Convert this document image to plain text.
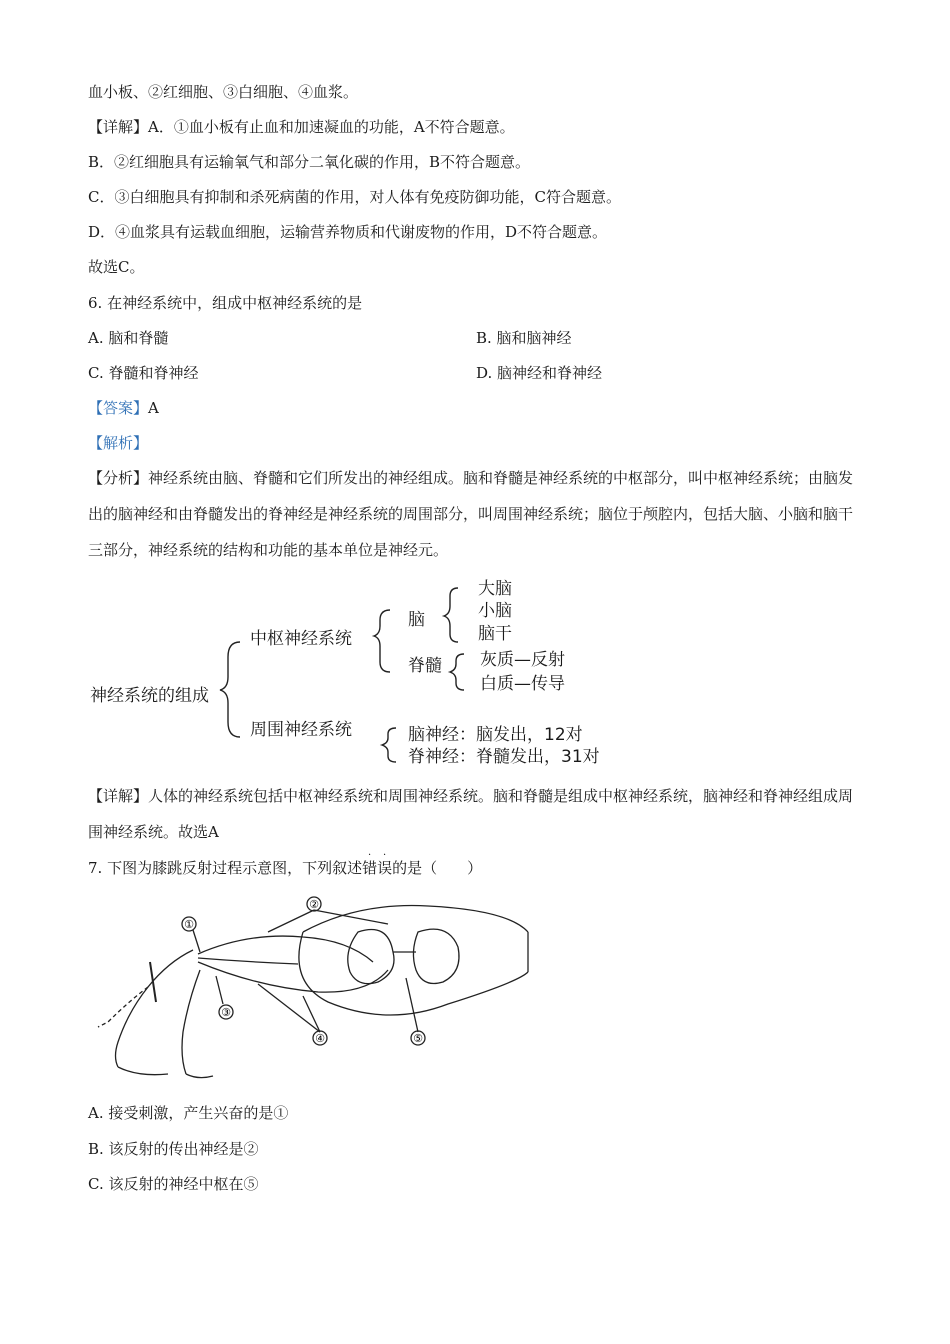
血小板、②红细胞、③白细胞、④血浆。
【详解】A．①血小板有止血和加速凝血的功能，A不符合题意。
B．②红细胞具有运输氧气和部分二氧化碳的作用，B不符合题意。
C．③白细胞具有抑制和杀死病菌的作用，对人体有免疫防御功能，C符合题意。
D．④血浆具有运载血细胞，运输营养物质和代谢废物的作用，D不符合题意。
故选C。
6. 在神经系统中，组成中枢神经系统的是
A. 脑和脊髓	B. 脑和脑神经
C. 脊髓和脊神经	D. 脑神经和脊神经
【答案】A
【解析】
【分析】神经系统由脑、脊髓和它们所发出的神经组成。脑和脊髓是神经系统的中枢部分，叫中枢神经系统；由脑发出的脑神经和由脊髓发出的脊神经是神经系统的周围部分，叫周围神经系统；脑位于颅腔内，包括大脑、小脑和脑干三部分，神经系统的结构和功能的基本单位是神经元。
神经系统的组成
中枢神经系统
周围神经系统
脑
大脑
小脑
脑干
脊髓 灰质—反射
白质—传导
脑神经：脑发出，12对
脊神经：脊髓发出，31对
【详解】人体的神经系统包括中枢神经系统和周围神经系统。脑和脊髓是组成中枢神经系统，脑神经和脊神经组成周围神经系统。故选A
7. 下图为膝跳反射过程示意图，下列叙述
·
错
·
误的是（　　）
①
②
③
④	⑤
A. 接受刺激，产生兴奋的是①
B. 该反射的传出神经是②
C. 该反射的神经中枢在⑤
